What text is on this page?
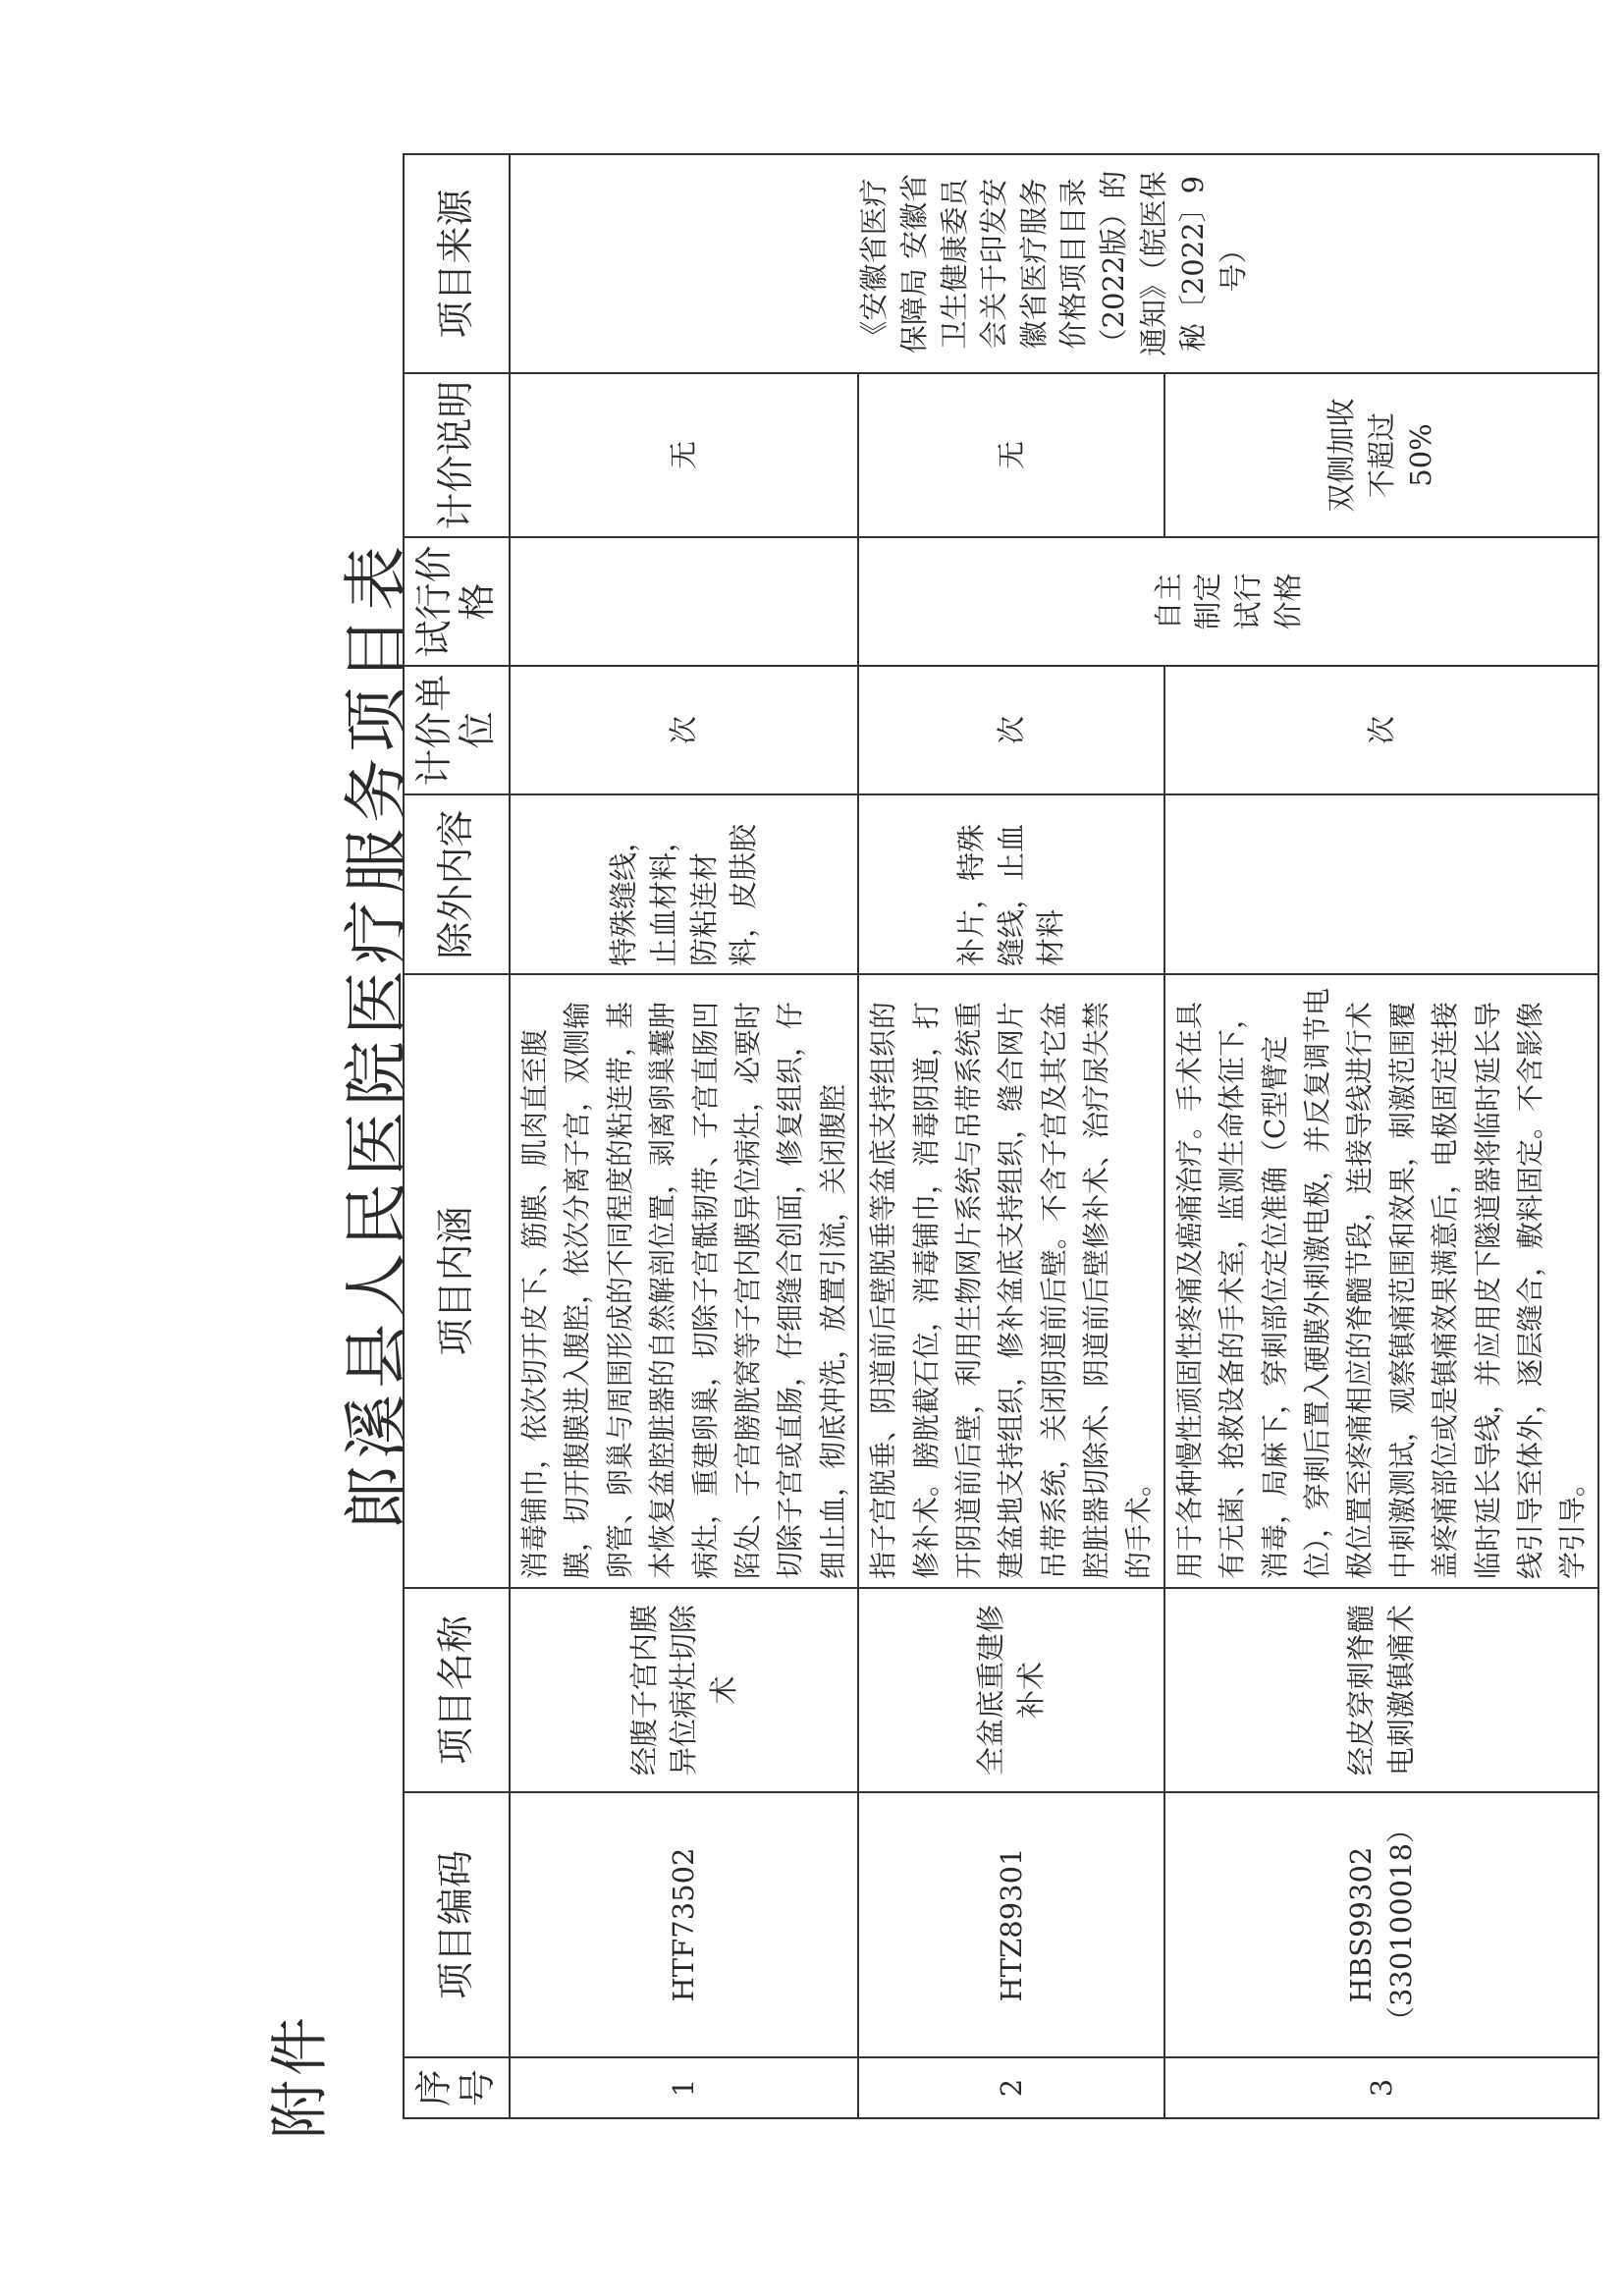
附件
郎溪县人民医院医疗服务项目表
序号	项目编码	项目名称	项目内涵	除外内容	计价单位	试行价格	计价说明	项目来源
1	HTF73502	经腹子宫内膜异位病灶切除术	消毒铺巾，依次切开皮下、筋膜、肌肉直至腹膜，切开腹膜进入腹腔，依次分离子宫，双侧输卵管、卵巢与周围形成的不同程度的粘连带，基本恢复盆腔脏器的自然解剖位置，剥离卵巢囊肿病灶，重建卵巢，切除子宫骶韧带、子宫直肠凹陷处、子宫膀胱窝等子宫内膜异位病灶，必要时切除子宫或直肠，仔细缝合创面，修复组织，仔细止血，彻底冲洗，放置引流，关闭腹腔	特殊缝线，止血材料，防粘连材料，皮肤胶	次		无	《安徽省医疗保障局 安徽省卫生健康委员会关于印发安徽省医疗服务价格项目目录（2022版）的通知》（皖医保秘〔2022〕9号）

2	HTZ89301	全盆底重建修补术	指子宫脱垂、阴道前后壁脱垂等盆底支持组织的修补术。膀胱截石位，消毒铺巾，消毒阴道，打开阴道前后壁，利用生物网片系统与吊带系统重建盆地支持组织，修补盆底支持组织，缝合网片吊带系统，关闭阴道前后壁。不含子宫及其它盆腔脏器切除术、阴道前后壁修补术、治疗尿失禁的手术。	补片，特殊缝线，止血材料	次	自主制定试行价格	无	
3	HBS99302（330100018）	经皮穿刺脊髓电刺激镇痛术	用于各种慢性顽固性疼痛及癌痛治疗。手术在具有无菌、抢救设备的手术室，监测生命体征下，消毒，局麻下，穿刺部位定位准确（C型臂定位），穿刺后置入硬膜外刺激电极，并反复调节电极位置至疼痛相应的脊髓节段，连接导线进行术中刺激测试，观察镇痛范围和效果，刺激范围覆盖疼痛部位或是镇痛效果满意后，电极固定连接临时延长导线，并应用皮下隧道器将临时延长导线引导至体外，逐层缝合，敷料固定。不含影像学引导。		次		双侧加收不超过50%	
